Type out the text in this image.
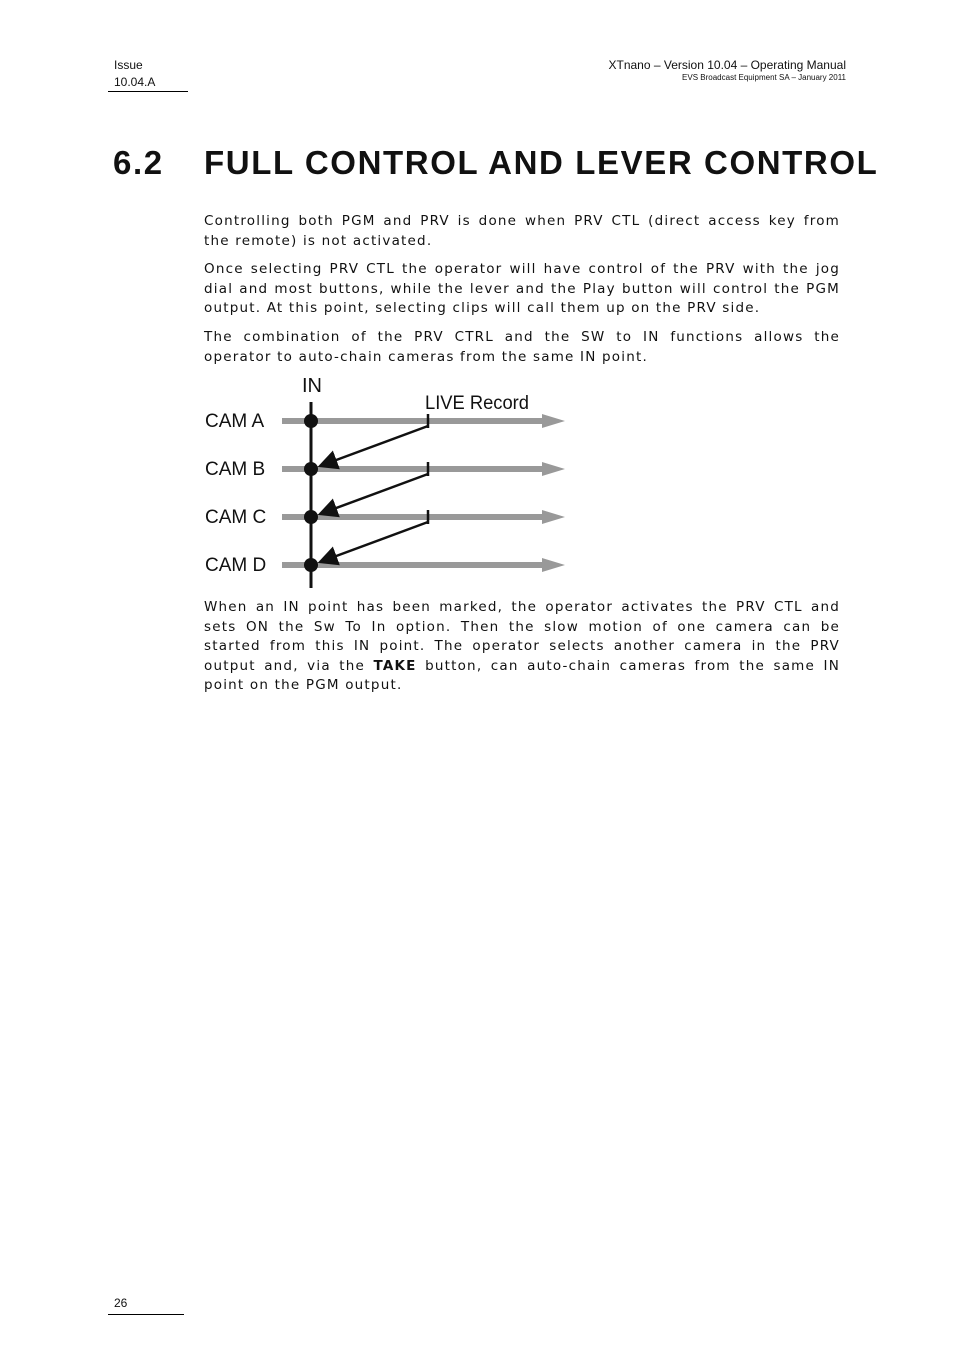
Issue
10.04.A
XTnano – Version 10.04 – Operating Manual
EVS Broadcast Equipment SA – January 2011
6.2 FULL CONTROL AND LEVER CONTROL

Controlling both PGM and PRV is done when PRV CTL (direct access key from the remote) is not activated.

Once selecting PRV CTL the operator will have control of the PRV with the jog dial and most buttons, while the lever and the Play button will control the PGM output. At this point, selecting clips will call them up on the PRV side.

The combination of the PRV CTRL and the SW to IN functions allows the operator to auto-chain cameras from the same IN point.

IN
LIVE Record
CAM A
CAM B
CAM C
CAM D

When an IN point has been marked, the operator activates the PRV CTL and sets ON the Sw To In option. Then the slow motion of one camera can be started from this IN point. The operator selects another camera in the PRV output and, via the TAKE button, can auto-chain cameras from the same IN point on the PGM output.

26
